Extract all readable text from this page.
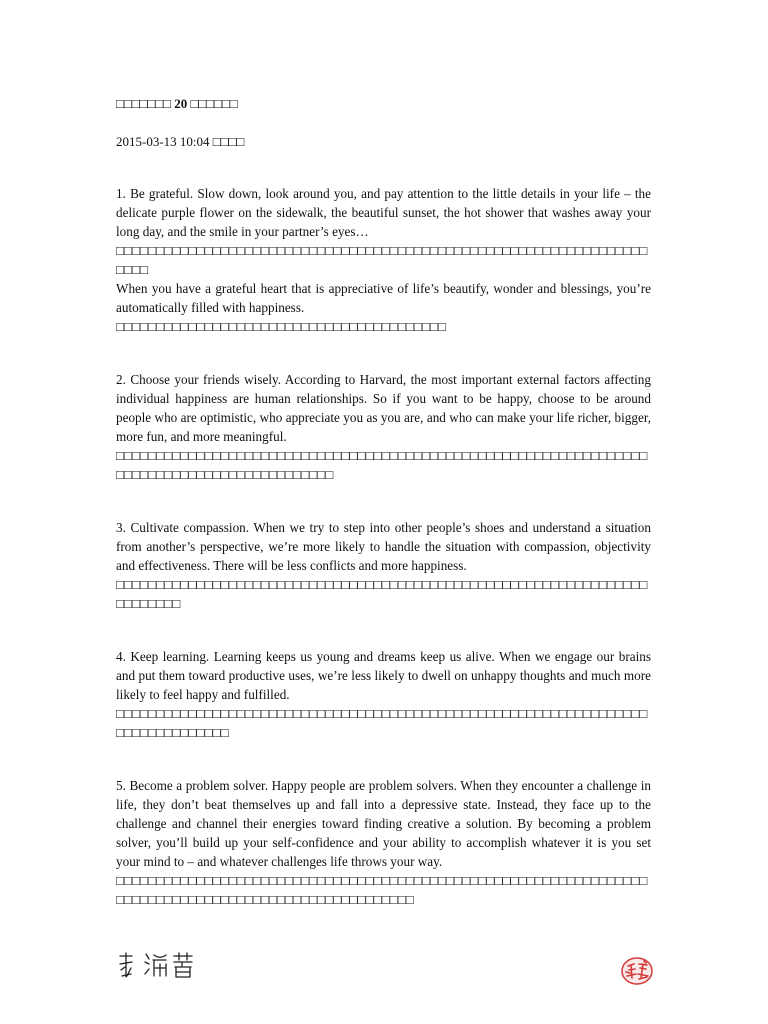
□□□□□□□ 20 □□□□□□

2015-03-13 10:04 □□□□

1. Be grateful. Slow down, look around you, and pay attention to the little details in your life – the delicate purple flower on the sidewalk, the beautiful sunset, the hot shower that washes away your long day, and the smile in your partner’s eyes…

□□□□□□□□□□□□□□□□□□□□□□□□□□□□□□□□□□□□□□□□□□□□□□□□□□□□□□□□□□□□□□□□□□□□□□

When you have a grateful heart that is appreciative of life’s beautify, wonder and blessings, you’re automatically filled with happiness.

□□□□□□□□□□□□□□□□□□□□□□□□□□□□□□□□□□□□□□□□□

2. Choose your friends wisely. According to Harvard, the most important external factors affecting individual happiness are human relationships. So if you want to be happy, choose to be around people who are optimistic, who appreciate you as you are, and who can make your life richer, bigger, more fun, and more meaningful.

□□□□□□□□□□□□□□□□□□□□□□□□□□□□□□□□□□□□□□□□□□□□□□□□□□□□□□□□□□□□□□□□□□□□□□□□□□□□□□□□□□□□□□□□□□□□□

3. Cultivate compassion. When we try to step into other people’s shoes and understand a situation from another’s perspective, we’re more likely to handle the situation with compassion, objectivity and effectiveness. There will be less conflicts and more happiness.

□□□□□□□□□□□□□□□□□□□□□□□□□□□□□□□□□□□□□□□□□□□□□□□□□□□□□□□□□□□□□□□□□□□□□□□□□□

4. Keep learning. Learning keeps us young and dreams keep us alive. When we engage our brains and put them toward productive uses, we’re less likely to dwell on unhappy thoughts and much more likely to feel happy and fulfilled.

□□□□□□□□□□□□□□□□□□□□□□□□□□□□□□□□□□□□□□□□□□□□□□□□□□□□□□□□□□□□□□□□□□□□□□□□□□□□□□□□

5. Become a problem solver. Happy people are problem solvers. When they encounter a challenge in life, they don’t beat themselves up and fall into a depressive state. Instead, they face up to the challenge and channel their energies toward finding creative a solution. By becoming a problem solver, you’ll build up your self-confidence and your ability to accomplish whatever it is you set your mind to – and whatever challenges life throws your way.

□□□□□□□□□□□□□□□□□□□□□□□□□□□□□□□□□□□□□□□□□□□□□□□□□□□□□□□□□□□□□□□□□□□□□□□□□□□□□□□□□□□□□□□□□□□□□□□□□□□□□□□
